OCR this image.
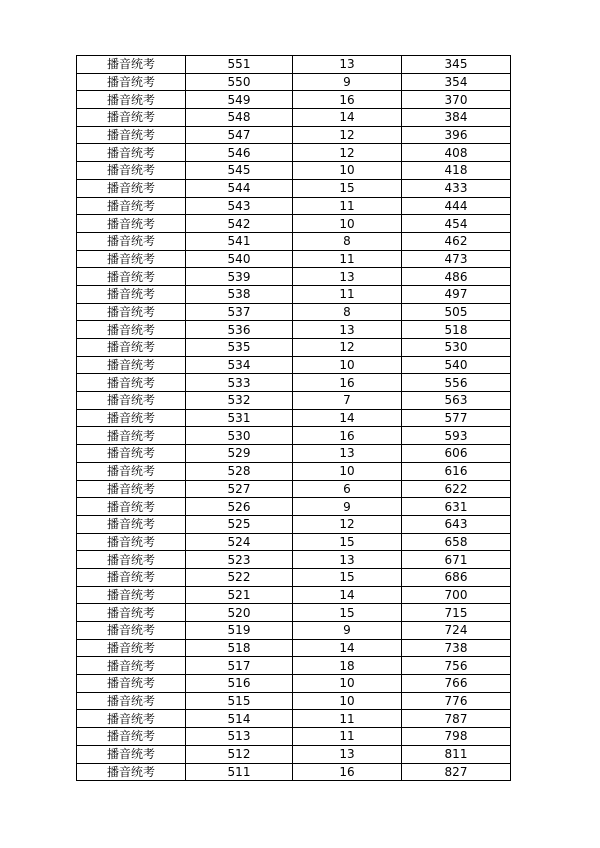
播音统考	551	13	345
播音统考	550	9	354
播音统考	549	16	370
播音统考	548	14	384
播音统考	547	12	396
播音统考	546	12	408
播音统考	545	10	418
播音统考	544	15	433
播音统考	543	11	444
播音统考	542	10	454
播音统考	541	8	462
播音统考	540	11	473
播音统考	539	13	486
播音统考	538	11	497
播音统考	537	8	505
播音统考	536	13	518
播音统考	535	12	530
播音统考	534	10	540
播音统考	533	16	556
播音统考	532	7	563
播音统考	531	14	577
播音统考	530	16	593
播音统考	529	13	606
播音统考	528	10	616
播音统考	527	6	622
播音统考	526	9	631
播音统考	525	12	643
播音统考	524	15	658
播音统考	523	13	671
播音统考	522	15	686
播音统考	521	14	700
播音统考	520	15	715
播音统考	519	9	724
播音统考	518	14	738
播音统考	517	18	756
播音统考	516	10	766
播音统考	515	10	776
播音统考	514	11	787
播音统考	513	11	798
播音统考	512	13	811
播音统考	511	16	827
